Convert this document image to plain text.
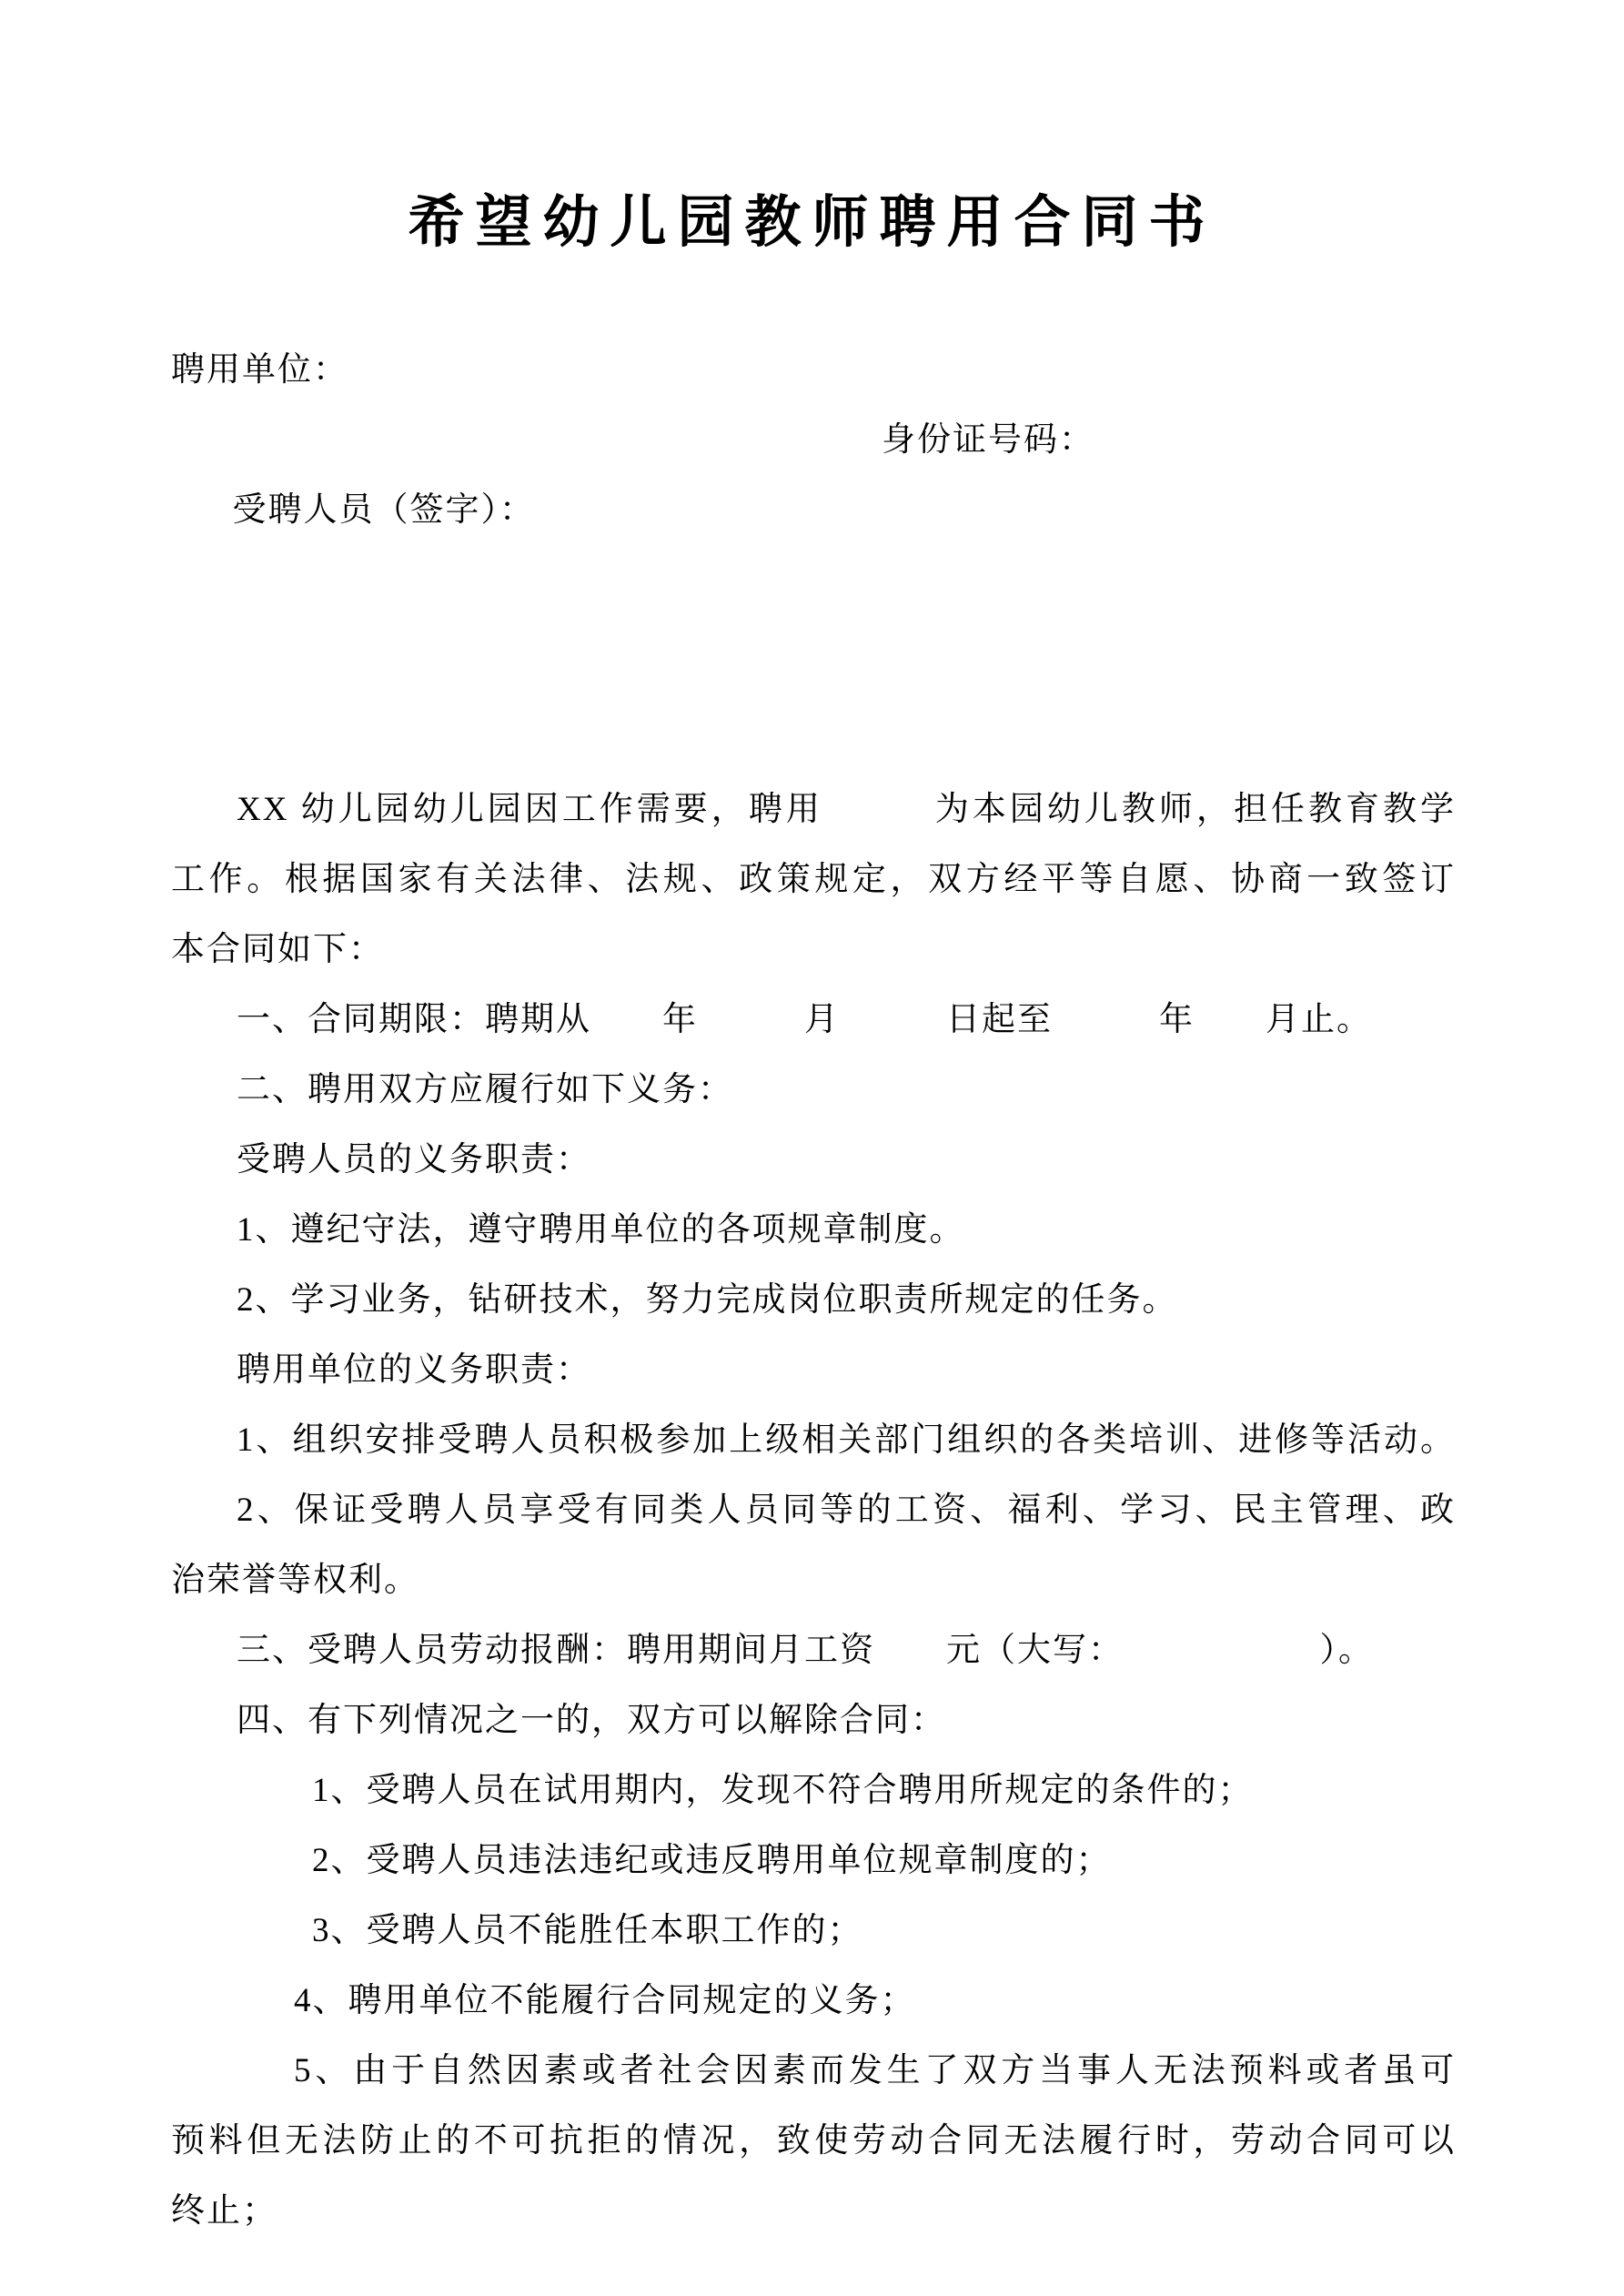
希望幼儿园教师聘用合同书
聘用单位：

受聘人员（签字）：

身份证号码：

XX 幼儿园幼儿园因工作需要，聘用　　　为本园幼儿教师，担任教育教学
工作。根据国家有关法律、法规、政策规定，双方经平等自愿、协商一致签订
本合同如下：
一、合同期限：聘期从　　年　　　月　　　日起至　　　年　　月止。
二、聘用双方应履行如下义务：
受聘人员的义务职责：
1、遵纪守法，遵守聘用单位的各项规章制度。
2、学习业务，钻研技术，努力完成岗位职责所规定的任务。
聘用单位的义务职责：
1、组织安排受聘人员积极参加上级相关部门组织的各类培训、进修等活动。
2、保证受聘人员享受有同类人员同等的工资、福利、学习、民主管理、政
治荣誉等权利。
三、受聘人员劳动报酬：聘用期间月工资　　元（大写：　　　　　　）。
四、有下列情况之一的，双方可以解除合同：
1、受聘人员在试用期内，发现不符合聘用所规定的条件的；
2、受聘人员违法违纪或违反聘用单位规章制度的；
3、受聘人员不能胜任本职工作的；
4、聘用单位不能履行合同规定的义务；
5、由于自然因素或者社会因素而发生了双方当事人无法预料或者虽可
预料但无法防止的不可抗拒的情况，致使劳动合同无法履行时，劳动合同可以
终止；
